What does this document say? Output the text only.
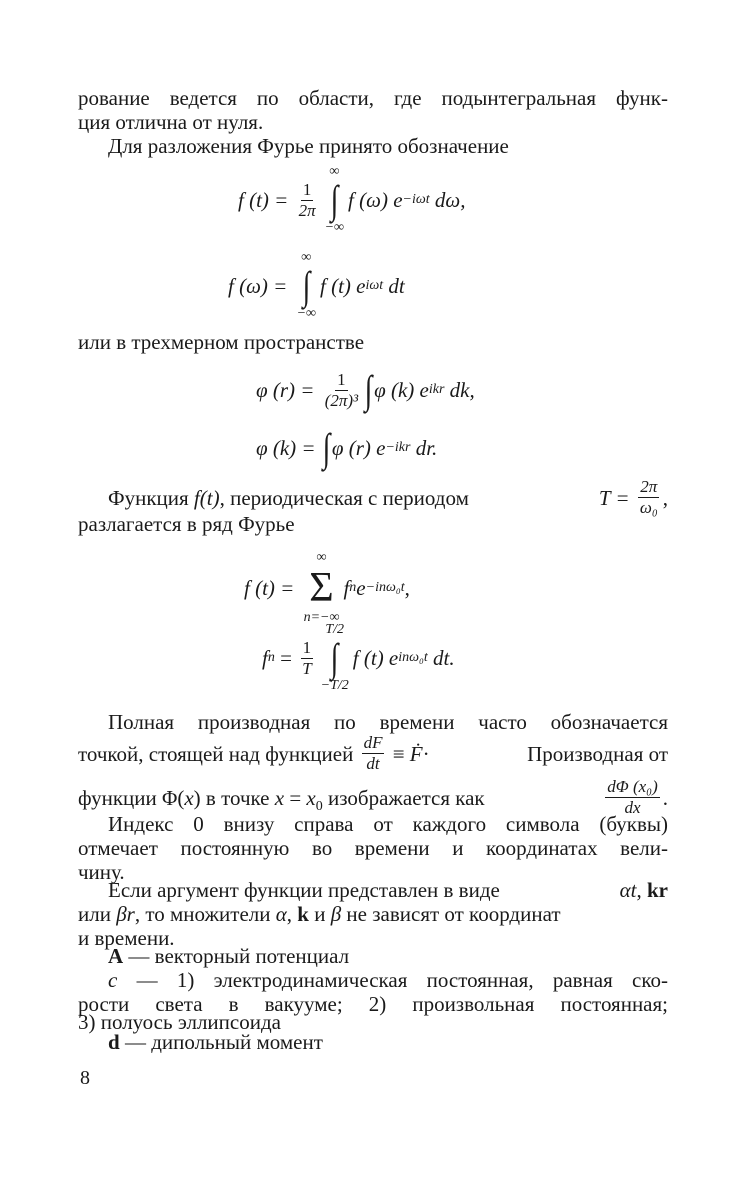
рование ведется по области, где подынтегральная функ-
ция отлична от нуля.
Для разложения Фурье принято обозначение
f $(t) = \frac{1}{2\pi}$
∞
∫
−∞
f (ω) e −iωt dω,
f (ω) =
∞
∫
−∞
f (t) e iωt dt
или в трехмерном пространстве
φ $(r) = \frac{1}{\text{(2π)³}}$ ∫ φ (k) e ikr dk,
φ (k) = ∫ φ (r) e −ikr dr.
Функция f(t), периодическая с периодом	$T = \frac{2\pi}{\text{ω₀}}$ ,
разлагается в ряд Фурье
f (t) =
∞
Σ
n=−∞
f n e −inω₀t ,
f $n = \frac{1}{T}$
T/2
∫
−T/2
f (t) e inω₀t dt.
Полная производная по времени часто обозначается
точкой, стоящей над функцией $\frac{dF}{dt}$ ≡ Ḟ ·	Производная от
функции Φ(x) в точке $x = x_0$ изображается как	$\frac{\text{dΦ (x₀)}}{dx}$ .
Индекс 0 внизу справа от каждого символа (буквы)
отмечает постоянную во времени и координатах вели-
чину.
Если аргумент функции представлен в виде	αt, kr
или βr, то множители α, k и β не зависят от координат
и времени.
A — векторный потенциал
c — 1) электродинамическая постоянная, равная ско-
рости света в вакууме; 2) произвольная постоянная;
3) полуось эллипсоида
d — дипольный момент
8
